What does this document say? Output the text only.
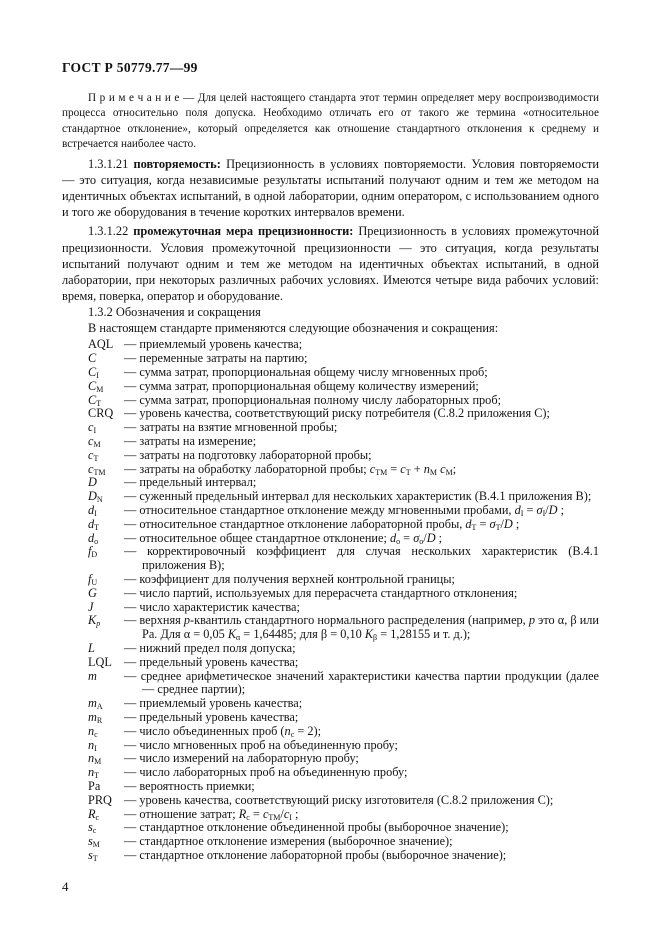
ГОСТ Р 50779.77—99

П р и м е ч а н и е — Для целей настоящего стандарта этот термин определяет меру воспроизводимости процесса относительно поля допуска. Необходимо отличать его от такого же термина «относительное стандартное отклонение», который определяется как отношение стандартного отклонения к среднему и встречается наиболее часто.

1.3.1.21 повторяемость: Прецизионность в условиях повторяемости. Условия повторяемости — это ситуация, когда независимые результаты испытаний получают одним и тем же методом на идентичных объектах испытаний, в одной лаборатории, одним оператором, с использованием одного и того же оборудования в течение коротких интервалов времени.

1.3.1.22 промежуточная мера прецизионности: Прецизионность в условиях промежуточной прецизионности. Условия промежуточной прецизионности — это ситуация, когда результаты испытаний получают одним и тем же методом на идентичных объектах испытаний, в одной лаборатории, при некоторых различных рабочих условиях. Имеются четыре вида рабочих условий: время, поверка, оператор и оборудование.

1.3.2 Обозначения и сокращения
В настоящем стандарте применяются следующие обозначения и сокращения:
AQL — приемлемый уровень качества;
C	— переменные затраты на партию;
CI	— сумма затрат, пропорциональная общему числу мгновенных проб;
CM	— сумма затрат, пропорциональная общему количеству измерений;
CT	— сумма затрат, пропорциональная полному числу лабораторных проб;
CRQ — уровень качества, соответствующий риску потребителя (С.8.2 приложения С);
cI	— затраты на взятие мгновенной пробы;
cM	— затраты на измерение;
cT	— затраты на подготовку лабораторной пробы;
cTM	— затраты на обработку лабораторной пробы; cTM = cT + nM cM;
D	— предельный интервал;
DN	— суженный предельный интервал для нескольких характеристик (В.4.1 приложения В);
dI	— относительное стандартное отклонение между мгновенными пробами, dI = σI/D ;
dT	— относительное стандартное отклонение лабораторной пробы, dT = σT/D ;
do	— относительное общее стандартное отклонение; do = σo/D ;
fD	— корректировочный коэффициент для случая нескольких характеристик (В.4.1 приложения В);
fU	— коэффициент для получения верхней контрольной границы;
G	— число партий, используемых для перерасчета стандартного отклонения;
J	— число характеристик качества;
Kp	— верхняя p-квантиль стандартного нормального распределения (например, p это α, β или Ра. Для α = 0,05 Kα = 1,64485; для β = 0,10 Kβ = 1,28155 и т. д.);
L	— нижний предел поля допуска;
LQL — предельный уровень качества;
m	— среднее арифметическое значений характеристики качества партии продукции (далее — среднее партии);
mA	— приемлемый уровень качества;
mR	— предельный уровень качества;
nc	— число объединенных проб (nc = 2);
nI	— число мгновенных проб на объединенную пробу;
nM	— число измерений на лабораторную пробу;
nT	— число лабораторных проб на объединенную пробу;
Pa	— вероятность приемки;
PRQ — уровень качества, соответствующий риску изготовителя (С.8.2 приложения С);
Rc	— отношение затрат; Rc = cTM/cI ;
sc	— стандартное отклонение объединенной пробы (выборочное значение);
sM	— стандартное отклонение измерения (выборочное значение);
sT	— стандартное отклонение лабораторной пробы (выборочное значение);
4
